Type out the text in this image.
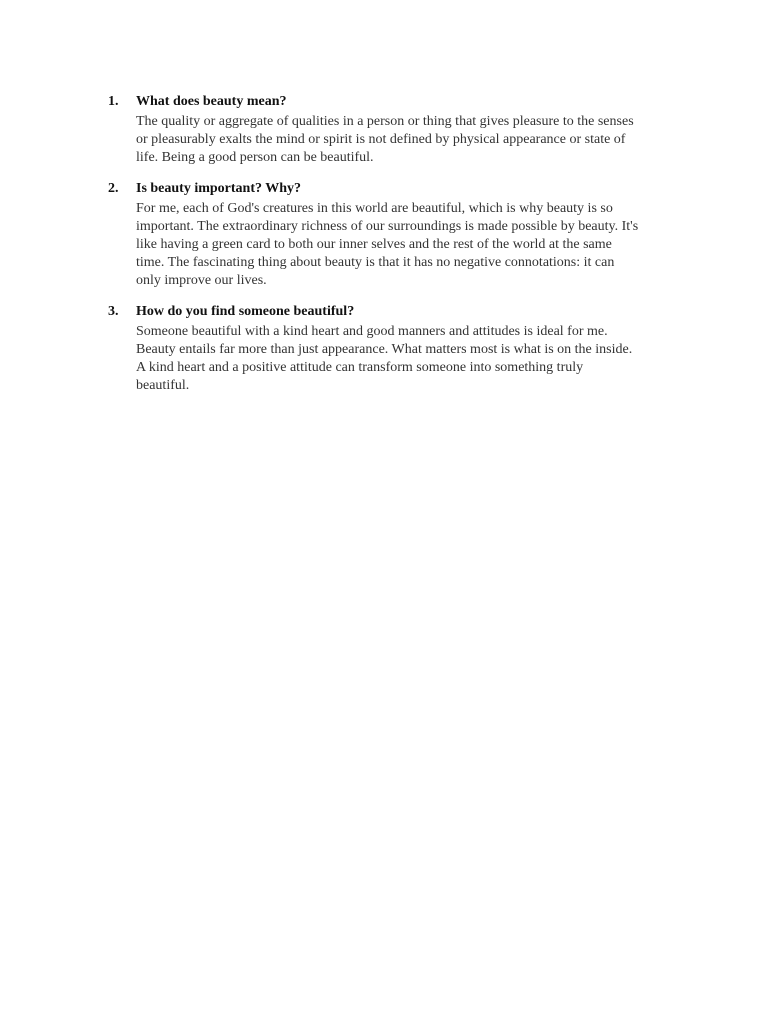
1. What does beauty mean?
The quality or aggregate of qualities in a person or thing that gives pleasure to the senses
or pleasurably exalts the mind or spirit is not defined by physical appearance or state of
life. Being a good person can be beautiful.
2. Is beauty important? Why?
For me, each of God's creatures in this world are beautiful, which is why beauty is so
important. The extraordinary richness of our surroundings is made possible by beauty. It's
like having a green card to both our inner selves and the rest of the world at the same
time. The fascinating thing about beauty is that it has no negative connotations: it can
only improve our lives.
3. How do you find someone beautiful?
Someone beautiful with a kind heart and good manners and attitudes is ideal for me.
Beauty entails far more than just appearance. What matters most is what is on the inside.
A kind heart and a positive attitude can transform someone into something truly
beautiful.
